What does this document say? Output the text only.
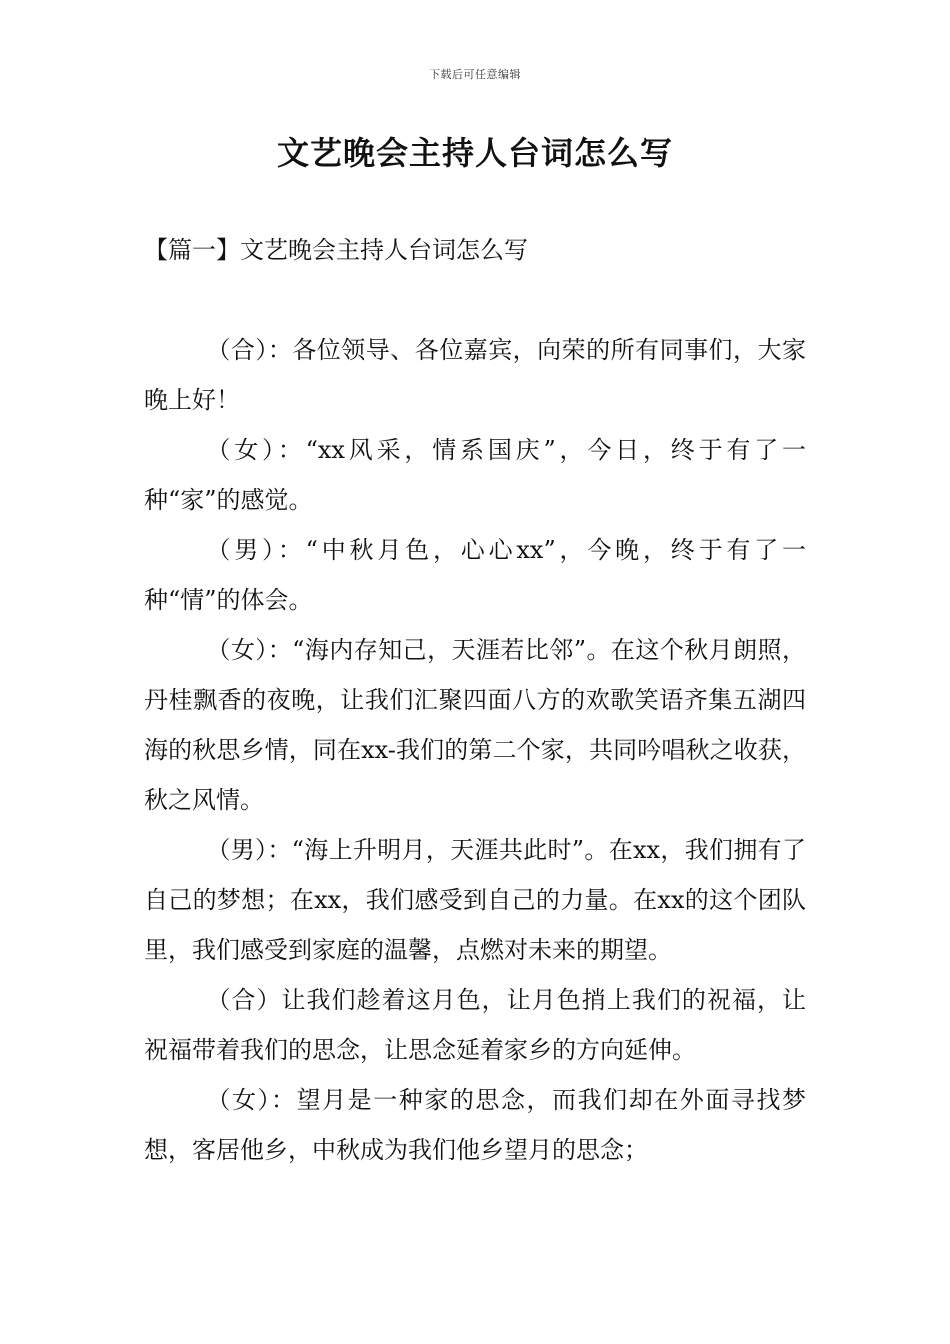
下载后可任意编辑
文艺晚会主持人台词怎么写
【篇一】文艺晚会主持人台词怎么写

（合）：各位领导、各位嘉宾，向荣的所有同事们，大家晚上好！

（女）：“xx风采，情系国庆”，今日，终于有了一种“家”的感觉。

（男）：“中秋月色，心心xx”，今晚，终于有了一种“情”的体会。

（女）：“海内存知己，天涯若比邻”。在这个秋月朗照，丹桂飘香的夜晚，让我们汇聚四面八方的欢歌笑语齐集五湖四海的秋思乡情，同在xx-我们的第二个家，共同吟唱秋之收获，秋之风情。

（男）：“海上升明月，天涯共此时”。在xx，我们拥有了自己的梦想；在xx，我们感受到自己的力量。在xx的这个团队里，我们感受到家庭的温馨，点燃对未来的期望。

（合）让我们趁着这月色，让月色捎上我们的祝福，让祝福带着我们的思念，让思念延着家乡的方向延伸。

（女）：望月是一种家的思念，而我们却在外面寻找梦想，客居他乡，中秋成为我们他乡望月的思念；
